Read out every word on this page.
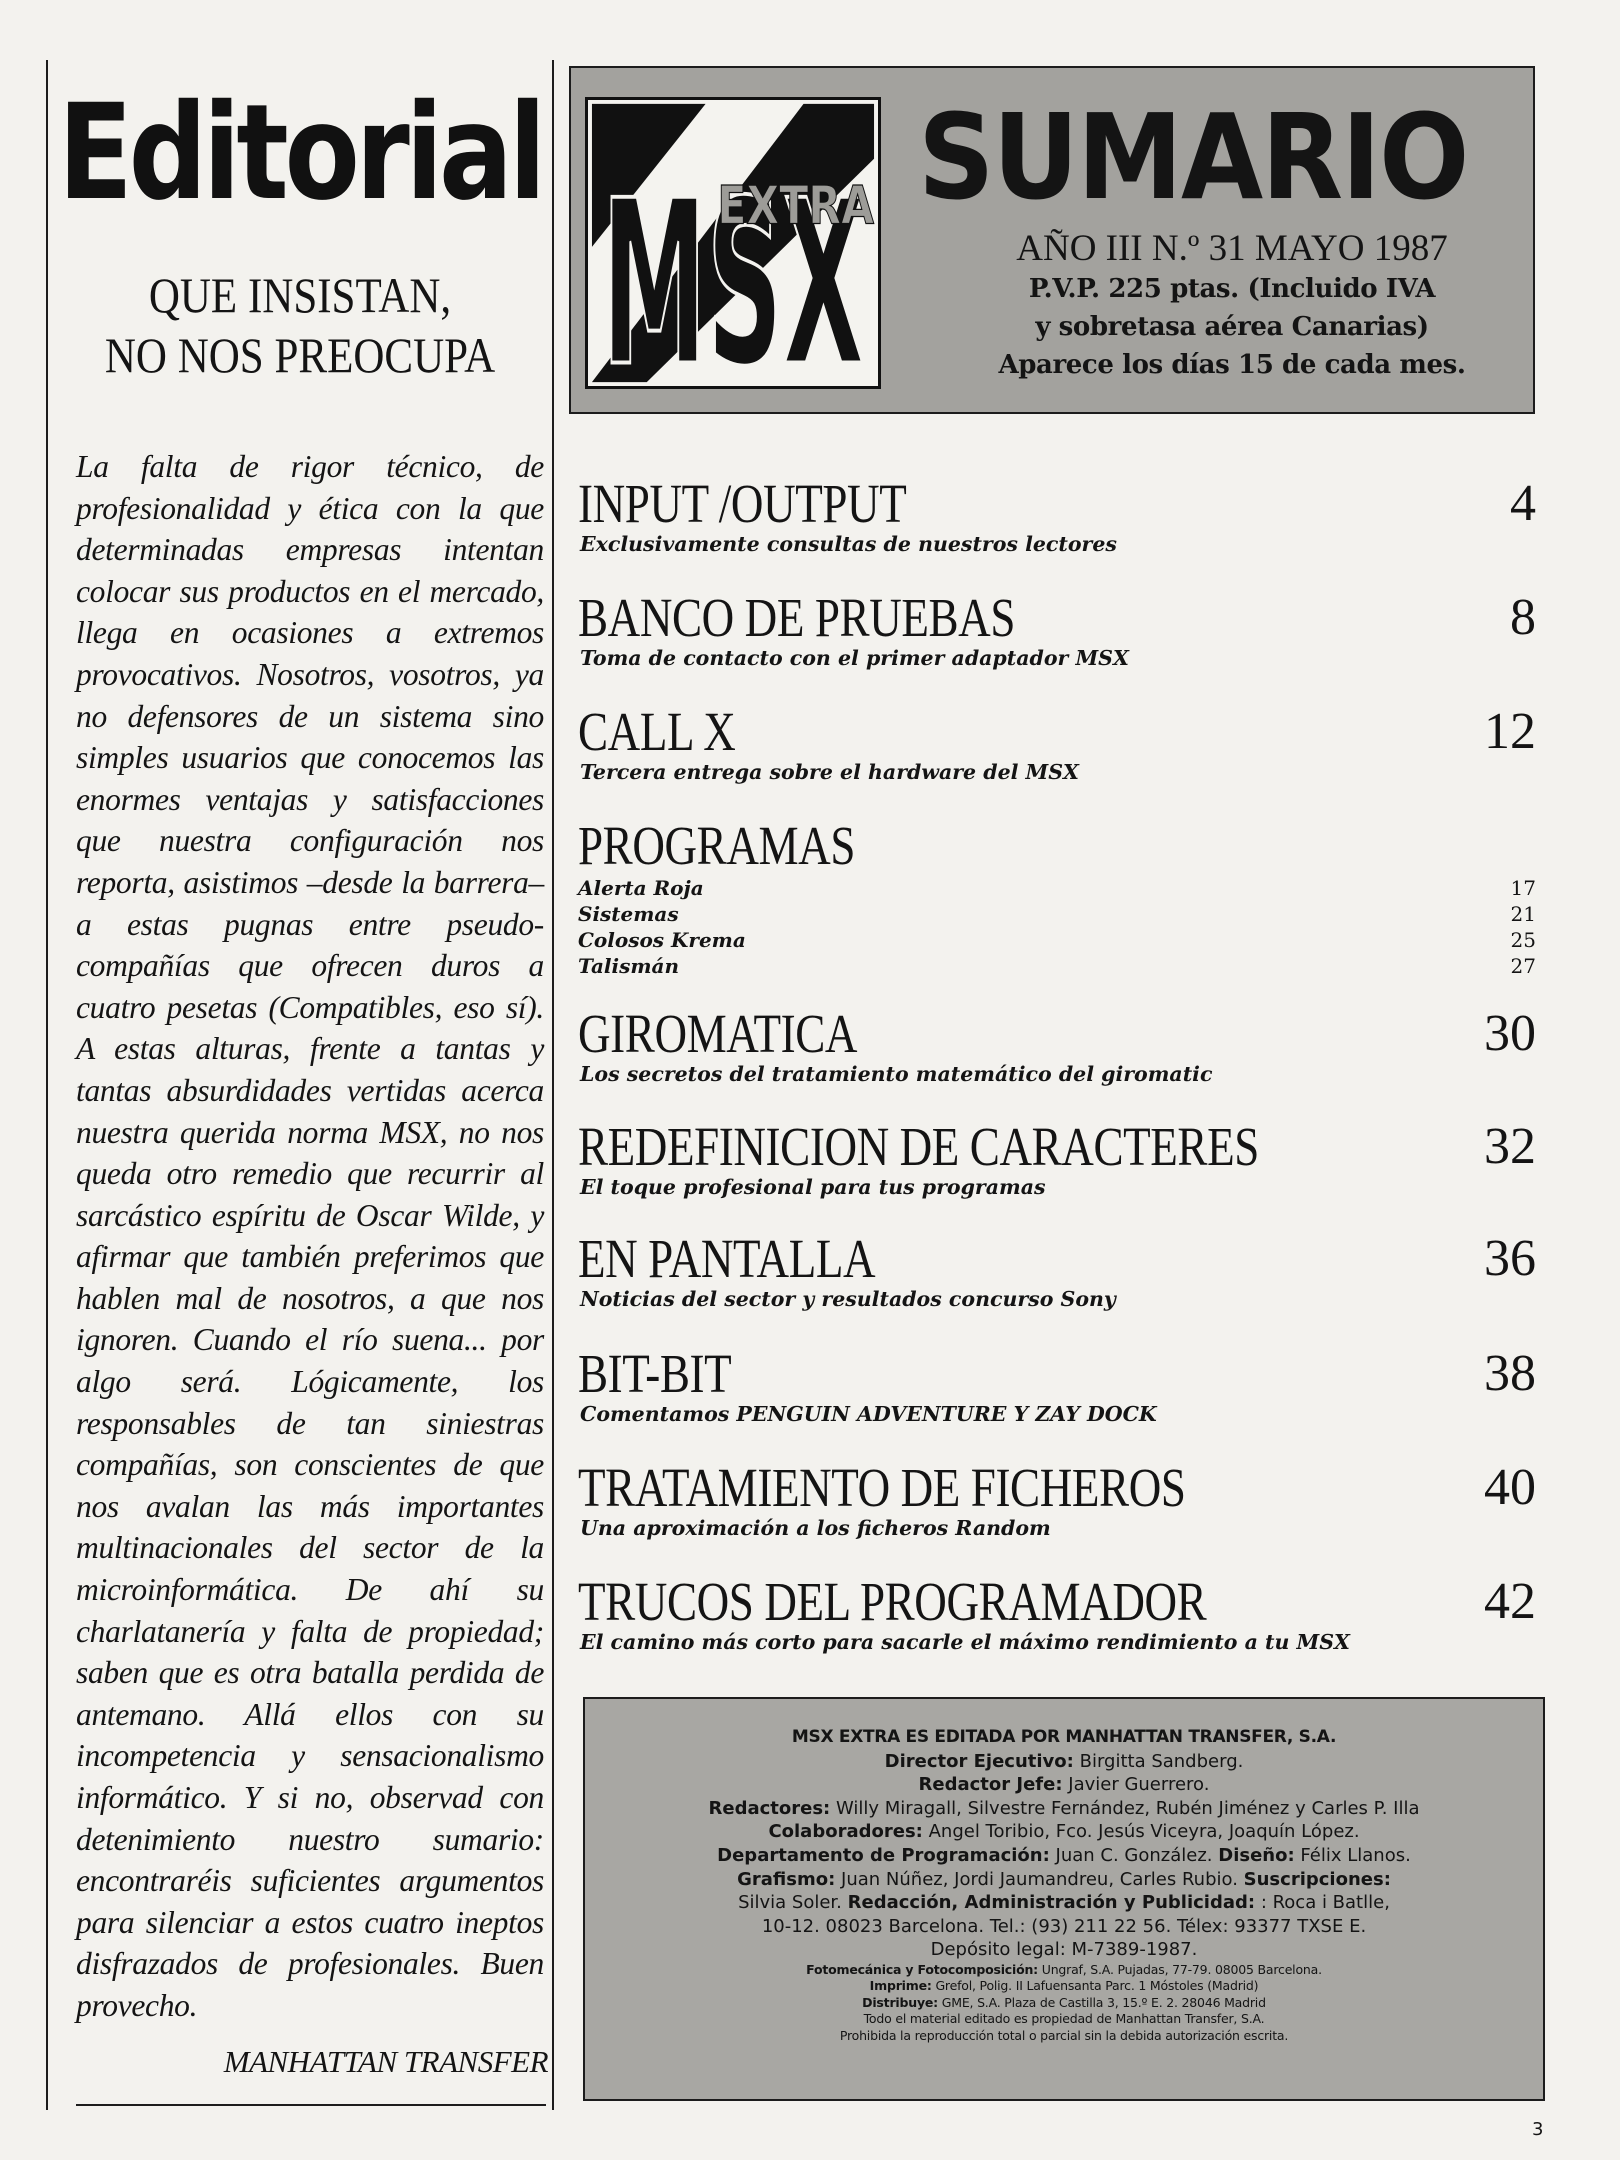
Editorial
QUE INSISTAN,
NO NOS PREOCUPA
La falta de rigor técnico, de profesionalidad y ética con la que determinadas empresas intentan colocar sus productos en el mercado, llega en ocasiones a extremos provocativos. Nosotros, vosotros, ya no defensores de un sistema sino simples usuarios que conocemos las enormes ventajas y satisfacciones que nuestra configuración nos reporta, asistimos –desde la barrera– a estas pugnas entre pseudo-compañías que ofrecen duros a cuatro pesetas (Compatibles, eso sí). A estas alturas, frente a tantas y tantas absurdidades vertidas acerca nuestra querida norma MSX, no nos queda otro remedio que recurrir al sarcástico espíritu de Oscar Wilde, y afirmar que también preferimos que hablen mal de nosotros, a que nos ignoren. Cuando el río suena... por algo será. Lógicamente, los responsables de tan siniestras compañías, son conscientes de que nos avalan las más importantes multinacionales del sector de la microinformática. De ahí su charlatanería y falta de propiedad; saben que es otra batalla perdida de antemano. Allá ellos con su incompetencia y sensacionalismo informático. Y si no, observad con detenimiento nuestro sumario: encontraréis suficientes argumentos para silenciar a estos cuatro ineptos disfrazados de profesionales. Buen provecho.
MANHATTAN TRANSFER
MSX
EXTRA SUMARIO
AÑO III N.º 31 MAYO 1987
P.V.P. 225 ptas. (Incluido IVA
y sobretasa aérea Canarias)
Aparece los días 15 de cada mes.
INPUT /OUTPUT	4
Exclusivamente consultas de nuestros lectores
BANCO DE PRUEBAS	8
Toma de contacto con el primer adaptador MSX
CALL X	12
Tercera entrega sobre el hardware del MSX
PROGRAMAS
Alerta Roja	17
Sistemas	21
Colosos Krema	25
Talismán	27
GIROMATICA	30
Los secretos del tratamiento matemático del giromatic
REDEFINICION DE CARACTERES	32
El toque profesional para tus programas
EN PANTALLA	36
Noticias del sector y resultados concurso Sony
BIT-BIT	38
Comentamos PENGUIN ADVENTURE Y ZAY DOCK
TRATAMIENTO DE FICHEROS	40
Una aproximación a los ficheros Random
TRUCOS DEL PROGRAMADOR	42
El camino más corto para sacarle el máximo rendimiento a tu MSX
MSX EXTRA ES EDITADA POR MANHATTAN TRANSFER, S.A.
Director Ejecutivo: Birgitta Sandberg.
Redactor Jefe: Javier Guerrero.
Redactores: Willy Miragall, Silvestre Fernández, Rubén Jiménez y Carles P. Illa
Colaboradores: Angel Toribio, Fco. Jesús Viceyra, Joaquín López.
Departamento de Programación: Juan C. González. Diseño: Félix Llanos.
Grafismo: Juan Núñez, Jordi Jaumandreu, Carles Rubio. Suscripciones:
Silvia Soler. Redacción, Administración y Publicidad: : Roca i Batlle,
10-12. 08023 Barcelona. Tel.: (93) 211 22 56. Télex: 93377 TXSE E.
Depósito legal: M-7389-1987.
Fotomecánica y Fotocomposición: Ungraf, S.A. Pujadas, 77-79. 08005 Barcelona.
Imprime: Grefol, Polig. II Lafuensanta Parc. 1 Móstoles (Madrid)
Distribuye: GME, S.A. Plaza de Castilla 3, 15.º E. 2. 28046 Madrid
Todo el material editado es propiedad de Manhattan Transfer, S.A.
Prohibida la reproducción total o parcial sin la debida autorización escrita.
3
